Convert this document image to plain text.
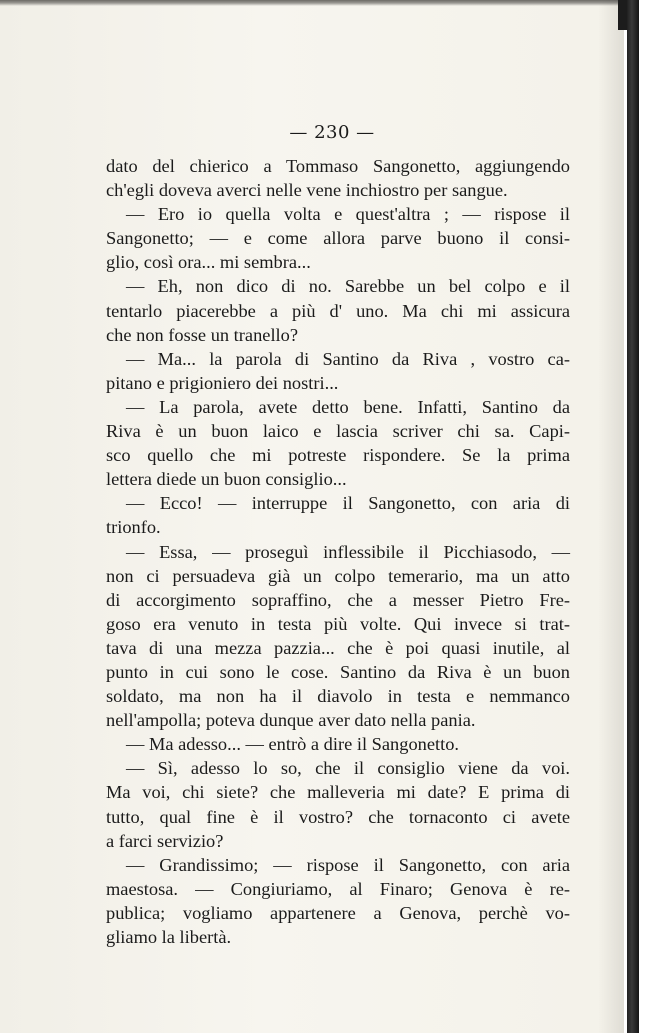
— 230 —
dato del chierico a Tommaso Sangonetto, aggiungendo
ch'egli doveva averci nelle vene inchiostro per sangue.
— Ero io quella volta e quest'altra ; — rispose il
Sangonetto; — e come allora parve buono il consi-
glio, così ora... mi sembra...
— Eh, non dico di no. Sarebbe un bel colpo e il
tentarlo piacerebbe a più d' uno. Ma chi mi assicura
che non fosse un tranello?
— Ma... la parola di Santino da Riva , vostro ca-
pitano e prigioniero dei nostri...
— La parola, avete detto bene. Infatti, Santino da
Riva è un buon laico e lascia scriver chi sa. Capi-
sco quello che mi potreste rispondere. Se la prima
lettera diede un buon consiglio...
— Ecco! — interruppe il Sangonetto, con aria di
trionfo.
— Essa, — proseguì inflessibile il Picchiasodo, —
non ci persuadeva già un colpo temerario, ma un atto
di accorgimento sopraffino, che a messer Pietro Fre-
goso era venuto in testa più volte. Qui invece si trat-
tava di una mezza pazzia... che è poi quasi inutile, al
punto in cui sono le cose. Santino da Riva è un buon
soldato, ma non ha il diavolo in testa e nemmanco
nell'ampolla; poteva dunque aver dato nella pania.
— Ma adesso... — entrò a dire il Sangonetto.
— Sì, adesso lo so, che il consiglio viene da voi.
Ma voi, chi siete? che malleveria mi date? E prima di
tutto, qual fine è il vostro? che tornaconto ci avete
a farci servizio?
— Grandissimo; — rispose il Sangonetto, con aria
maestosa. — Congiuriamo, al Finaro; Genova è re-
publica; vogliamo appartenere a Genova, perchè vo-
gliamo la libertà.
